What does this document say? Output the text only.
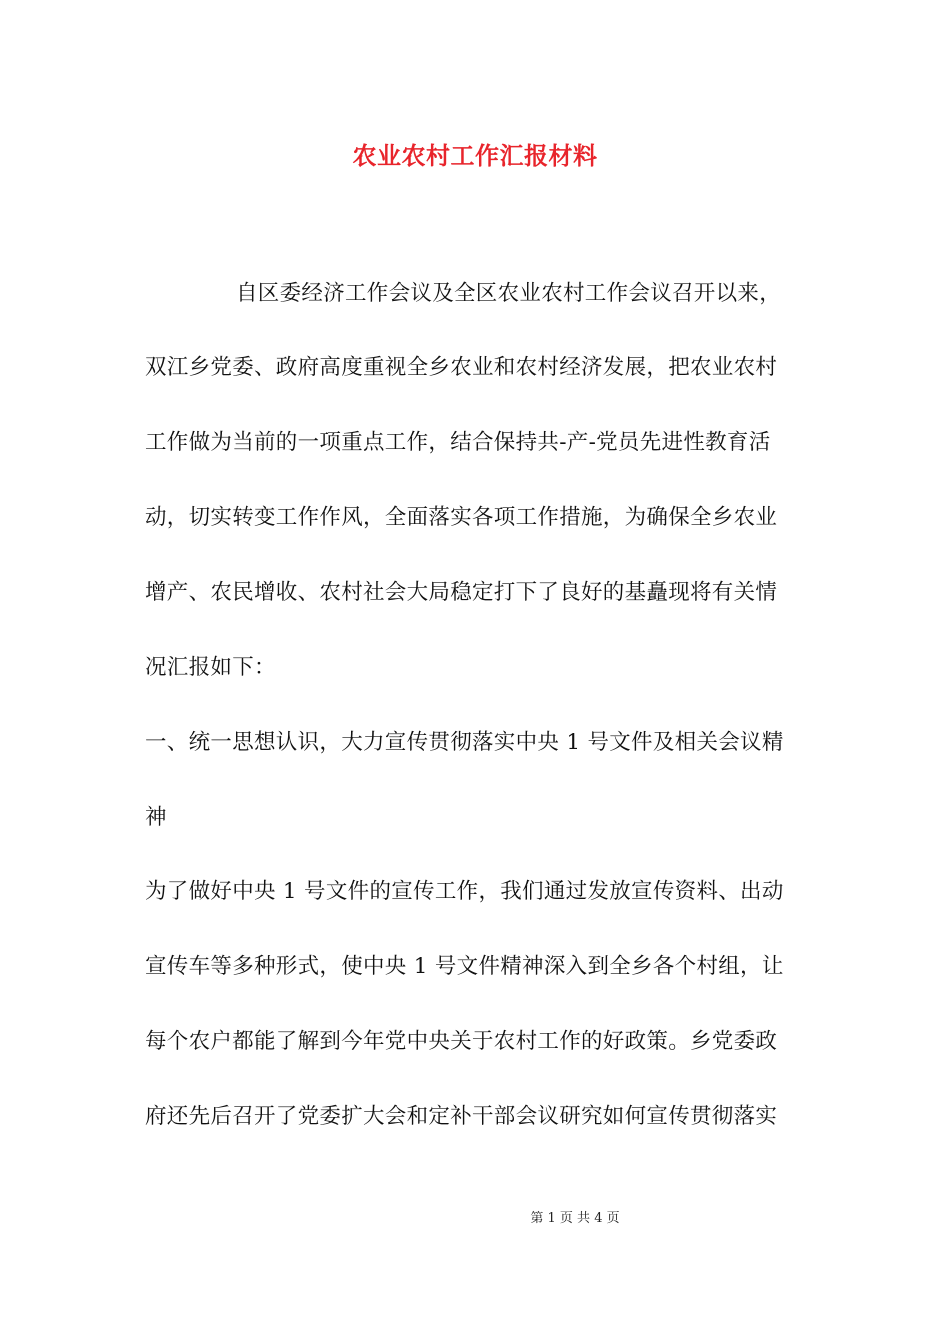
农业农村工作汇报材料
自区委经济工作会议及全区农业农村工作会议召开以来，
双江乡党委、政府高度重视全乡农业和农村经济发展，把农业农村
工作做为当前的一项重点工作，结合保持共-产-党员先进性教育活
动，切实转变工作作风，全面落实各项工作措施，为确保全乡农业
增产、农民增收、农村社会大局稳定打下了良好的基矗现将有关情
况汇报如下：
一、统一思想认识，大力宣传贯彻落实中央 1 号文件及相关会议精
神
为了做好中央 1 号文件的宣传工作，我们通过发放宣传资料、出动
宣传车等多种形式，使中央 1 号文件精神深入到全乡各个村组，让
每个农户都能了解到今年党中央关于农村工作的好政策。乡党委政
府还先后召开了党委扩大会和定补干部会议研究如何宣传贯彻落实
第 1 页 共 4 页
